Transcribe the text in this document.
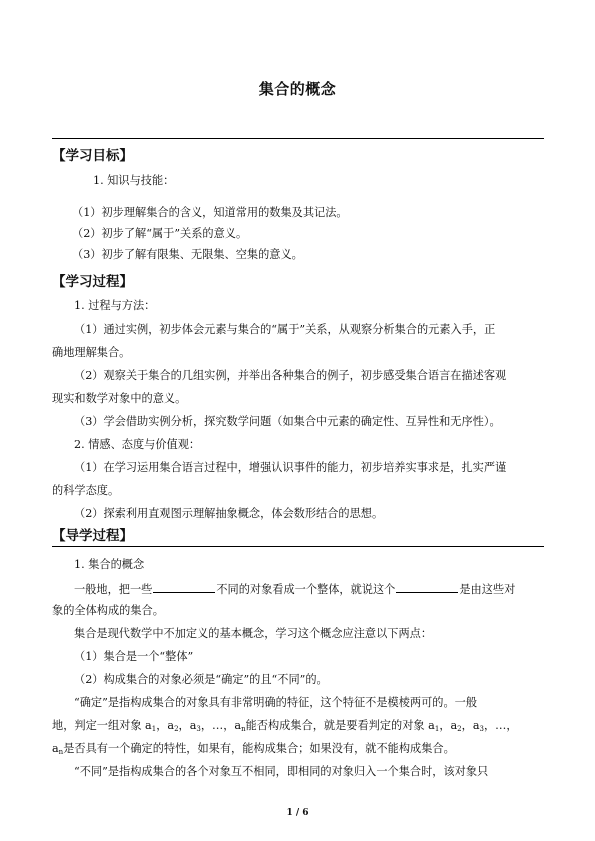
集合的概念
【学习目标】
1. 知识与技能：
（1）初步理解集合的含义，知道常用的数集及其记法。
（2）初步了解“属于”关系的意义。
（3）初步了解有限集、无限集、空集的意义。
【学习过程】
1. 过程与方法：
（1）通过实例，初步体会元素与集合的“属于”关系，从观察分析集合的元素入手，正
确地理解集合。
（2）观察关于集合的几组实例，并举出各种集合的例子，初步感受集合语言在描述客观
现实和数学对象中的意义。
（3）学会借助实例分析，探究数学问题（如集合中元素的确定性、互异性和无序性）。
2. 情感、态度与价值观：
（1）在学习运用集合语言过程中，增强认识事件的能力，初步培养实事求是，扎实严谨
的科学态度。
（2）探索利用直观图示理解抽象概念，体会数形结合的思想。
【导学过程】
1. 集合的概念
一般地，把一些	不同的对象看成一个整体，就说这个	是由这些对
象的全体构成的集合。
集合是现代数学中不加定义的基本概念，学习这个概念应注意以下两点：
（1）集合是一个“整体”
（2）构成集合的对象必须是“确定”的且“不同”的。
“确定”是指构成集合的对象具有非常明确的特征，这个特征不是模棱两可的。一般
地，判定一组对象 $a_1$，$a_2$，$a_3$，…，$a_n$能否构成集合，就是要看判定的对象 $a_1$，$a_2$，$a_3$，…，
$a_n$是否具有一个确定的特性，如果有，能构成集合；如果没有，就不能构成集合。
“不同”是指构成集合的各个对象互不相同，即相同的对象归入一个集合时，该对象只
1 / 6
